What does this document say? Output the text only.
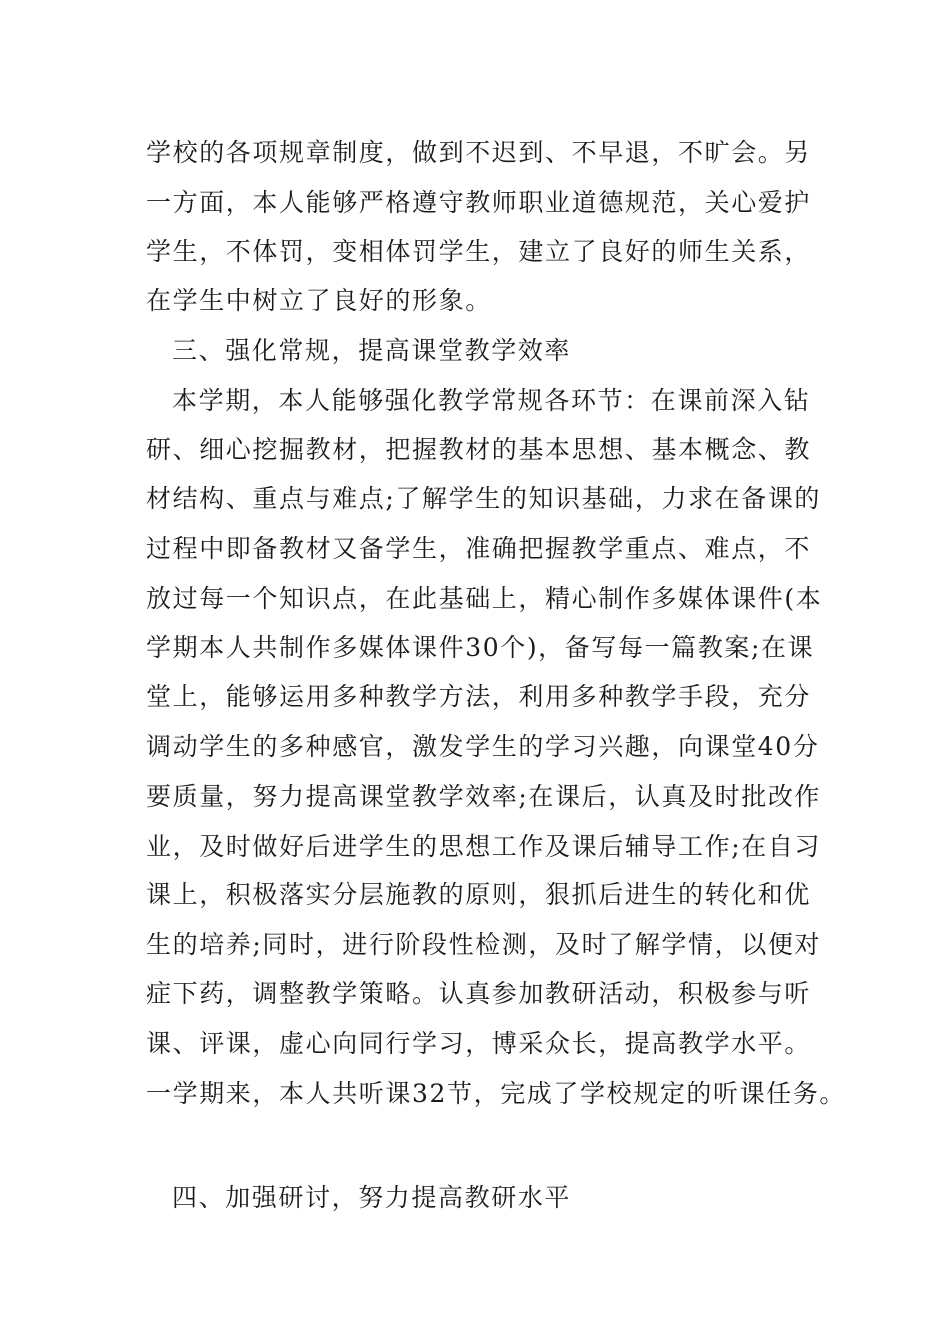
学校的各项规章制度，做到不迟到、不早退，不旷会。另
一方面，本人能够严格遵守教师职业道德规范，关心爱护
学生，不体罚，变相体罚学生，建立了良好的师生关系，
在学生中树立了良好的形象。
三、强化常规，提高课堂教学效率
本学期，本人能够强化教学常规各环节：在课前深入钻
研、细心挖掘教材，把握教材的基本思想、基本概念、教
材结构、重点与难点;了解学生的知识基础，力求在备课的
过程中即备教材又备学生，准确把握教学重点、难点，不
放过每一个知识点，在此基础上，精心制作多媒体课件(本
学期本人共制作多媒体课件30个)，备写每一篇教案;在课
堂上，能够运用多种教学方法，利用多种教学手段，充分
调动学生的多种感官，激发学生的学习兴趣，向课堂40分
要质量，努力提高课堂教学效率;在课后，认真及时批改作
业，及时做好后进学生的思想工作及课后辅导工作;在自习
课上，积极落实分层施教的原则，狠抓后进生的转化和优
生的培养;同时，进行阶段性检测，及时了解学情，以便对
症下药，调整教学策略。认真参加教研活动，积极参与听
课、评课，虚心向同行学习，博采众长，提高教学水平。
一学期来，本人共听课32节，完成了学校规定的听课任务。
四、加强研讨，努力提高教研水平
